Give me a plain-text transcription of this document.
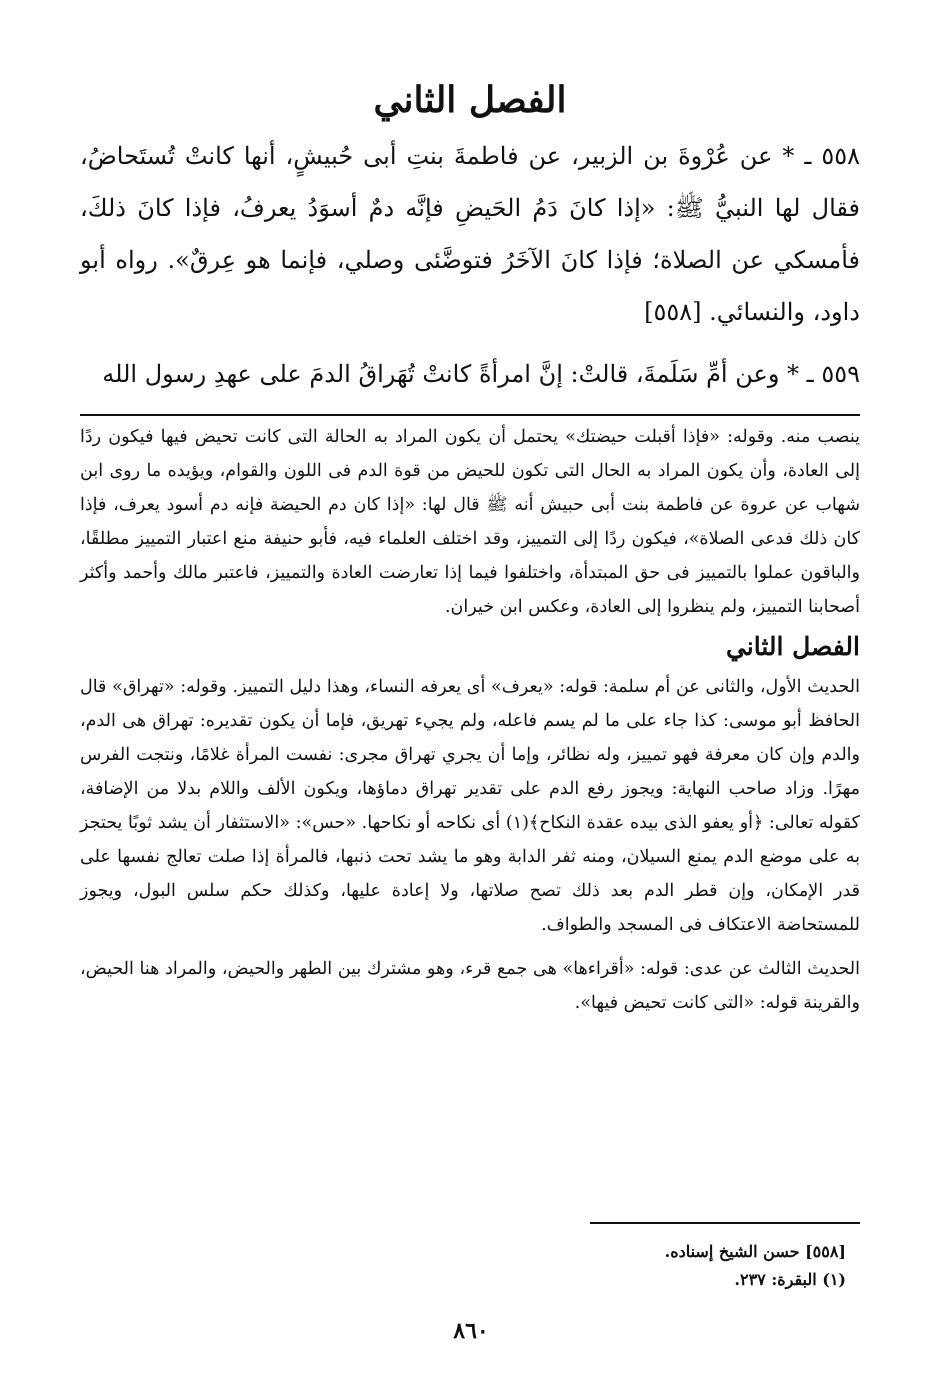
الفصل الثاني

٥٥٨ ـ * عن عُرْوةَ بن الزبير، عن فاطمةَ بنتِ أبى حُبيشٍ، أنها كانتْ تُستَحاضُ، فقال لها النبيُّ ﷺ: «إذا كانَ دَمُ الحَيضِ فإنَّه دمٌ أسوَدُ يعرفُ، فإذا كانَ ذلكَ، فأمسكي عن الصلاة؛ فإذا كانَ الآخَرُ فتوضَّئى وصلي، فإنما هو عِرقٌ». رواه أبو داود، والنسائي. [٥٥٨]

٥٥٩ ـ * وعن أمِّ سَلَمةَ، قالتْ: إنَّ امرأةً كانتْ تُهَراقُ الدمَ على عهدِ رسول الله

ينصب منه. وقوله: «فإذا أقبلت حيضتك» يحتمل أن يكون المراد به الحالة التى كانت تحيض فيها فيكون ردًا إلى العادة، وأن يكون المراد به الحال التى تكون للحيض من قوة الدم فى اللون والقوام، ويؤيده ما روى ابن شهاب عن عروة عن فاطمة بنت أبى حبيش أنه ﷺ قال لها: «إذا كان دم الحيضة فإنه دم أسود يعرف، فإذا كان ذلك فدعى الصلاة»، فيكون ردًا إلى التمييز، وقد اختلف العلماء فيه، فأبو حنيفة منع اعتبار التمييز مطلقًا، والباقون عملوا بالتمييز فى حق المبتدأة، واختلفوا فيما إذا تعارضت العادة والتمييز، فاعتبر مالك وأحمد وأكثر أصحابنا التمييز، ولم ينظروا إلى العادة، وعكس ابن خيران.

الفصل الثاني

الحديث الأول، والثانى عن أم سلمة: قوله: «يعرف» أى يعرفه النساء، وهذا دليل التمييز. وقوله: «تهراق» قال الحافظ أبو موسى: كذا جاء على ما لم يسم فاعله، ولم يجيء تهريق، فإما أن يكون تقديره: تهراق هى الدم، والدم وإن كان معرفة فهو تمييز، وله نظائر، وإما أن يجري تهراق مجرى: نفست المرأة غلامًا، ونتجت الفرس مهرًا. وزاد صاحب النهاية: ويجوز رفع الدم على تقدير تهراق دماؤها، ويكون الألف واللام بدلا من الإضافة، كقوله تعالى: ﴿أو يعفو الذى بيده عقدة النكاح﴾(١) أى نكاحه أو نكاحها. «حس»: «الاستثفار أن يشد ثوبًا يحتجز به على موضع الدم يمنع السيلان، ومنه ثفر الدابة وهو ما يشد تحت ذنبها، فالمرأة إذا صلت تعالج نفسها على قدر الإمكان، وإن قطر الدم بعد ذلك تصح صلاتها، ولا إعادة عليها، وكذلك حكم سلس البول، ويجوز للمستحاضة الاعتكاف فى المسجد والطواف.

الحديث الثالث عن عدى: قوله: «أقراءها» هى جمع قرء، وهو مشترك بين الطهر والحيض، والمراد هنا الحيض، والقرينة قوله: «التى كانت تحيض فيها».

[٥٥٨] حسن الشيخ إسناده.

(١) البقرة: ٢٣٧.

٨٦٠
